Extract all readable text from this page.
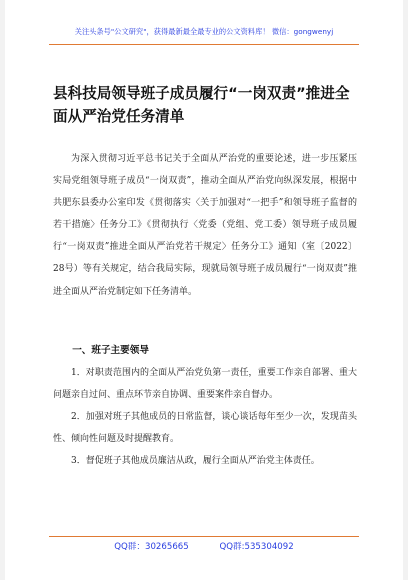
关注头条号"公文研究"，获得最新最全最专业的公文资料库！ 微信：gongwenyj
县科技局领导班子成员履行“一岗双责”推进全面从严治党任务清单

为深入贯彻习近平总书记关于全面从严治党的重要论述，进一步压紧压实局党组领导班子成员“一岗双责”，推动全面从严治党向纵深发展，根据中共肥东县委办公室印发《贯彻落实〈关于加强对“一把手”和领导班子监督的若干措施〉任务分工》《贯彻执行〈党委（党组、党工委）领导班子成员履行“一岗双责”推进全面从严治党若干规定〉任务分工》通知（室〔2022〕28号）等有关规定，结合我局实际，现就局领导班子成员履行“一岗双责”推进全面从严治党制定如下任务清单。

一、班子主要领导

1．对职责范围内的全面从严治党负第一责任，重要工作亲自部署、重大问题亲自过问、重点环节亲自协调、重要案件亲自督办。

2．加强对班子其他成员的日常监督，谈心谈话每年至少一次，发现苗头性、倾向性问题及时提醒教育。

3．督促班子其他成员廉洁从政，履行全面从严治党主体责任。

QQ群：30265665	QQ群:535304092
